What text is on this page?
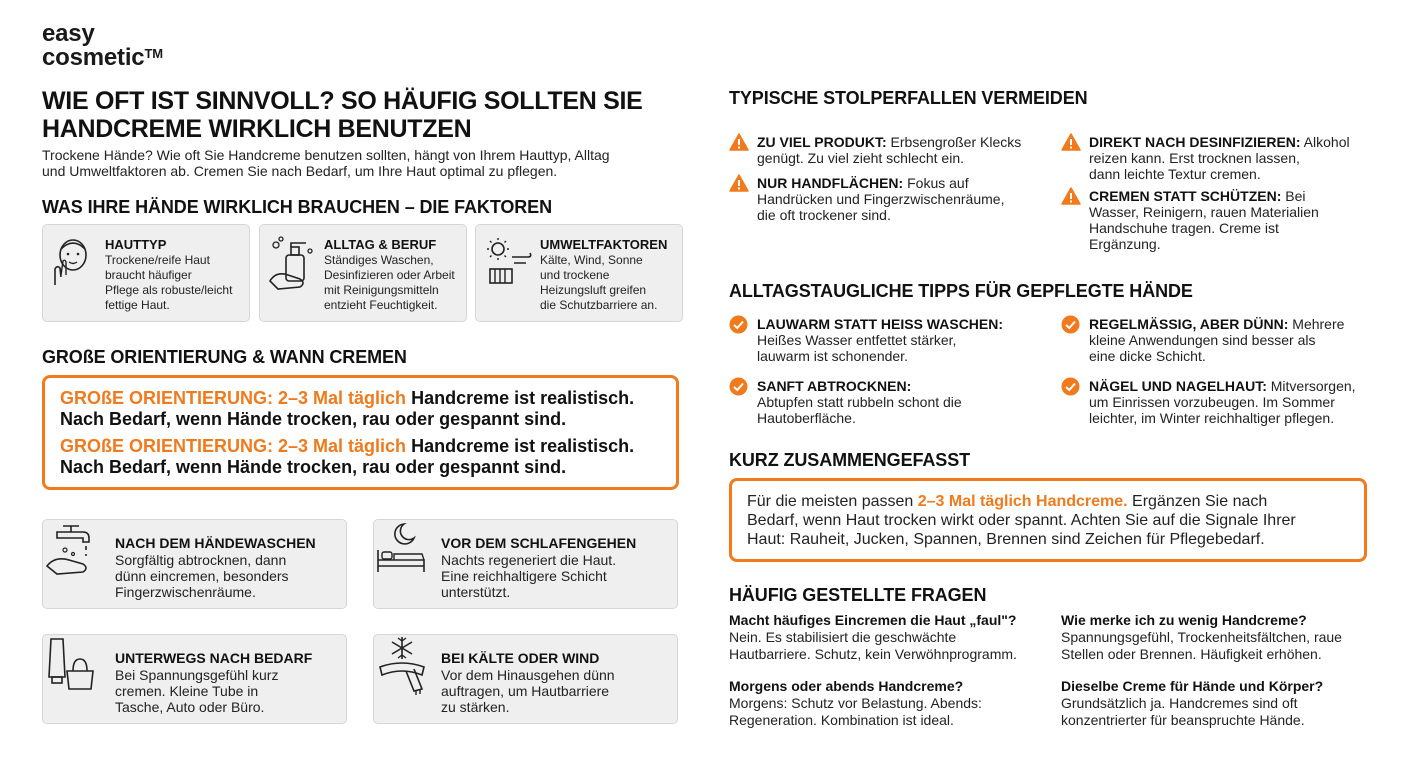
easy
cosmetic™
WIE OFT IST SINNVOLL? SO HÄUFIG SOLLTEN SIE
HANDCREME WIRKLICH BENUTZEN
Trockene Hände? Wie oft Sie Handcreme benutzen sollten, hängt von Ihrem Hauttyp, Alltag
und Umweltfaktoren ab. Cremen Sie nach Bedarf, um Ihre Haut optimal zu pflegen.
WAS IHRE HÄNDE WIRKLICH BRAUCHEN – DIE FAKTOREN
HAUTTYP
Trockene/reife Haut
braucht häufiger
Pflege als robuste/leicht
fettige Haut.
ALLTAG & BERUF
Ständiges Waschen,
Desinfizieren oder Arbeit
mit Reinigungsmitteln
entzieht Feuchtigkeit.
UMWELTFAKTOREN
Kälte, Wind, Sonne
und trockene
Heizungsluft greifen
die Schutzbarriere an.
GROßE ORIENTIERUNG & WANN CREMEN
GROßE ORIENTIERUNG: 2–3 Mal täglich Handcreme ist realistisch.
Nach Bedarf, wenn Hände trocken, rau oder gespannt sind.
GROßE ORIENTIERUNG: 2–3 Mal täglich Handcreme ist realistisch.
Nach Bedarf, wenn Hände trocken, rau oder gespannt sind.
NACH DEM HÄNDEWASCHEN
Sorgfältig abtrocknen, dann
dünn eincremen, besonders
Fingerzwischenräume.
VOR DEM SCHLAFENGEHEN
Nachts regeneriert die Haut.
Eine reichhaltigere Schicht
unterstützt.
UNTERWEGS NACH BEDARF
Bei Spannungsgefühl kurz
cremen. Kleine Tube in
Tasche, Auto oder Büro.
BEI KÄLTE ODER WIND
Vor dem Hinausgehen dünn
auftragen, um Hautbarriere
zu stärken.
TYPISCHE STOLPERFALLEN VERMEIDEN
ZU VIEL PRODUKT: Erbsengroßer Klecks
genügt. Zu viel zieht schlecht ein.
NUR HANDFLÄCHEN: Fokus auf
Handrücken und Fingerzwischenräume,
die oft trockener sind.
DIREKT NACH DESINFIZIEREN: Alkohol
reizen kann. Erst trocknen lassen,
dann leichte Textur cremen.
CREMEN STATT SCHÜTZEN: Bei
Wasser, Reinigern, rauen Materialien
Handschuhe tragen. Creme ist
Ergänzung.
ALLTAGSTAUGLICHE TIPPS FÜR GEPFLEGTE HÄNDE
LAUWARM STATT HEISS WASCHEN:
Heißes Wasser entfettet stärker,
lauwarm ist schonender.
SANFT ABTROCKNEN:
Abtupfen statt rubbeln schont die
Hautoberfläche.
REGELMÄSSIG, ABER DÜNN: Mehrere
kleine Anwendungen sind besser als
eine dicke Schicht.
NÄGEL UND NAGELHAUT: Mitversorgen,
um Einrissen vorzubeugen. Im Sommer
leichter, im Winter reichhaltiger pflegen.
KURZ ZUSAMMENGEFASST
Für die meisten passen 2–3 Mal täglich Handcreme. Ergänzen Sie nach
Bedarf, wenn Haut trocken wirkt oder spannt. Achten Sie auf die Signale Ihrer
Haut: Rauheit, Jucken, Spannen, Brennen sind Zeichen für Pflegebedarf.
HÄUFIG GESTELLTE FRAGEN
Macht häufiges Eincremen die Haut „faul"?
Nein. Es stabilisiert die geschwächte
Hautbarriere. Schutz, kein Verwöhnprogramm.
Wie merke ich zu wenig Handcreme?
Spannungsgefühl, Trockenheitsfältchen, raue
Stellen oder Brennen. Häufigkeit erhöhen.
Morgens oder abends Handcreme?
Morgens: Schutz vor Belastung. Abends:
Regeneration. Kombination ist ideal.
Dieselbe Creme für Hände und Körper?
Grundsätzlich ja. Handcremes sind oft
konzentrierter für beanspruchte Hände.
